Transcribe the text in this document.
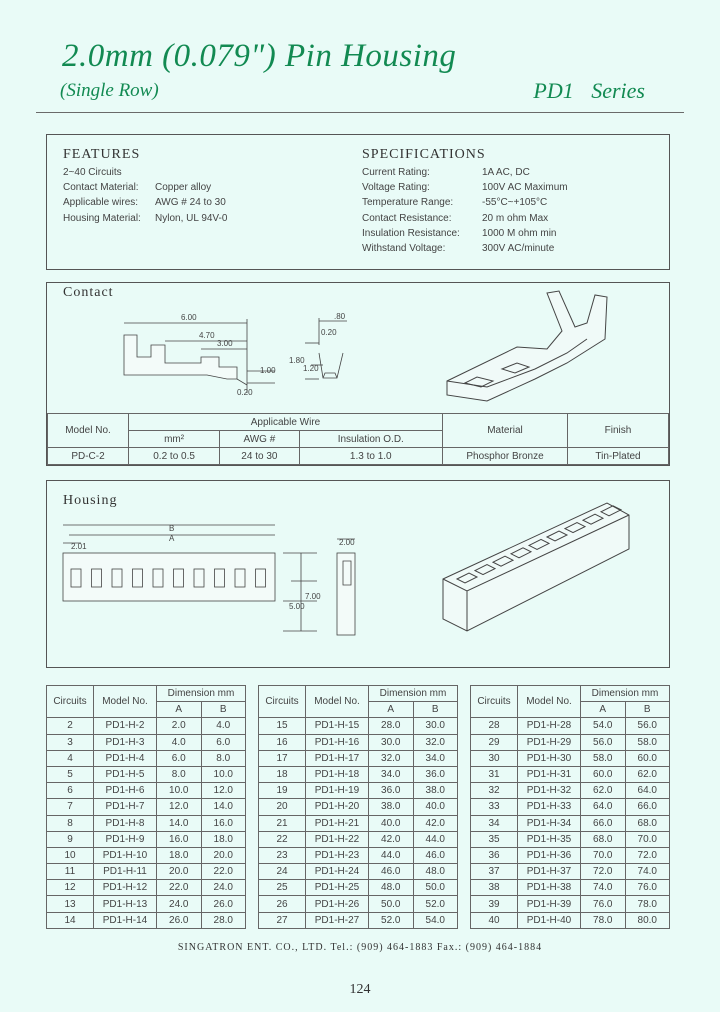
2.0mm (0.079") Pin Housing
(Single Row)	PD1 Series
FEATURES
2~40 Circuits
Contact Material:	Copper alloy
Applicable wires:	AWG # 24 to 30
Housing Material:	Nylon, UL 94V-0
SPECIFICATIONS
Current Rating:	1A AC, DC
Voltage Rating:	100V AC Maximum
Temperature Range:	-55°C~+105°C
Contact Resistance:	20 m ohm Max
Insulation Resistance:	1000 M ohm min
Withstand Voltage:	300V AC/minute
Contact
6.00
4.70
3.00
1.00
0.20
.80
0.20
1.80
1.20
Model No.	Applicable Wire			Material	Finish
	mm²	AWG #	Insulation O.D.		
PD-C-2	0.2 to 0.5	24 to 30	1.3 to 1.0	Phosphor Bronze	Tin-Plated
Housing
B
A
2.01
7.00
5.00
2.00
Circuits	Model No.	Dimension mm	
		A	B
2	PD1-H-2	2.0	4.0
3	PD1-H-3	4.0	6.0
4	PD1-H-4	6.0	8.0
5	PD1-H-5	8.0	10.0
6	PD1-H-6	10.0	12.0
7	PD1-H-7	12.0	14.0
8	PD1-H-8	14.0	16.0
9	PD1-H-9	16.0	18.0
10	PD1-H-10	18.0	20.0
11	PD1-H-11	20.0	22.0
12	PD1-H-12	22.0	24.0
13	PD1-H-13	24.0	26.0
14	PD1-H-14	26.0	28.0
Circuits	Model No.	Dimension mm	
		A	B
15	PD1-H-15	28.0	30.0
16	PD1-H-16	30.0	32.0
17	PD1-H-17	32.0	34.0
18	PD1-H-18	34.0	36.0
19	PD1-H-19	36.0	38.0
20	PD1-H-20	38.0	40.0
21	PD1-H-21	40.0	42.0
22	PD1-H-22	42.0	44.0
23	PD1-H-23	44.0	46.0
24	PD1-H-24	46.0	48.0
25	PD1-H-25	48.0	50.0
26	PD1-H-26	50.0	52.0
27	PD1-H-27	52.0	54.0
Circuits	Model No.	Dimension mm	
		A	B
28	PD1-H-28	54.0	56.0
29	PD1-H-29	56.0	58.0
30	PD1-H-30	58.0	60.0
31	PD1-H-31	60.0	62.0
32	PD1-H-32	62.0	64.0
33	PD1-H-33	64.0	66.0
34	PD1-H-34	66.0	68.0
35	PD1-H-35	68.0	70.0
36	PD1-H-36	70.0	72.0
37	PD1-H-37	72.0	74.0
38	PD1-H-38	74.0	76.0
39	PD1-H-39	76.0	78.0
40	PD1-H-40	78.0	80.0
SINGATRON ENT. CO., LTD. Tel.: (909) 464-1883 Fax.: (909) 464-1884
124
